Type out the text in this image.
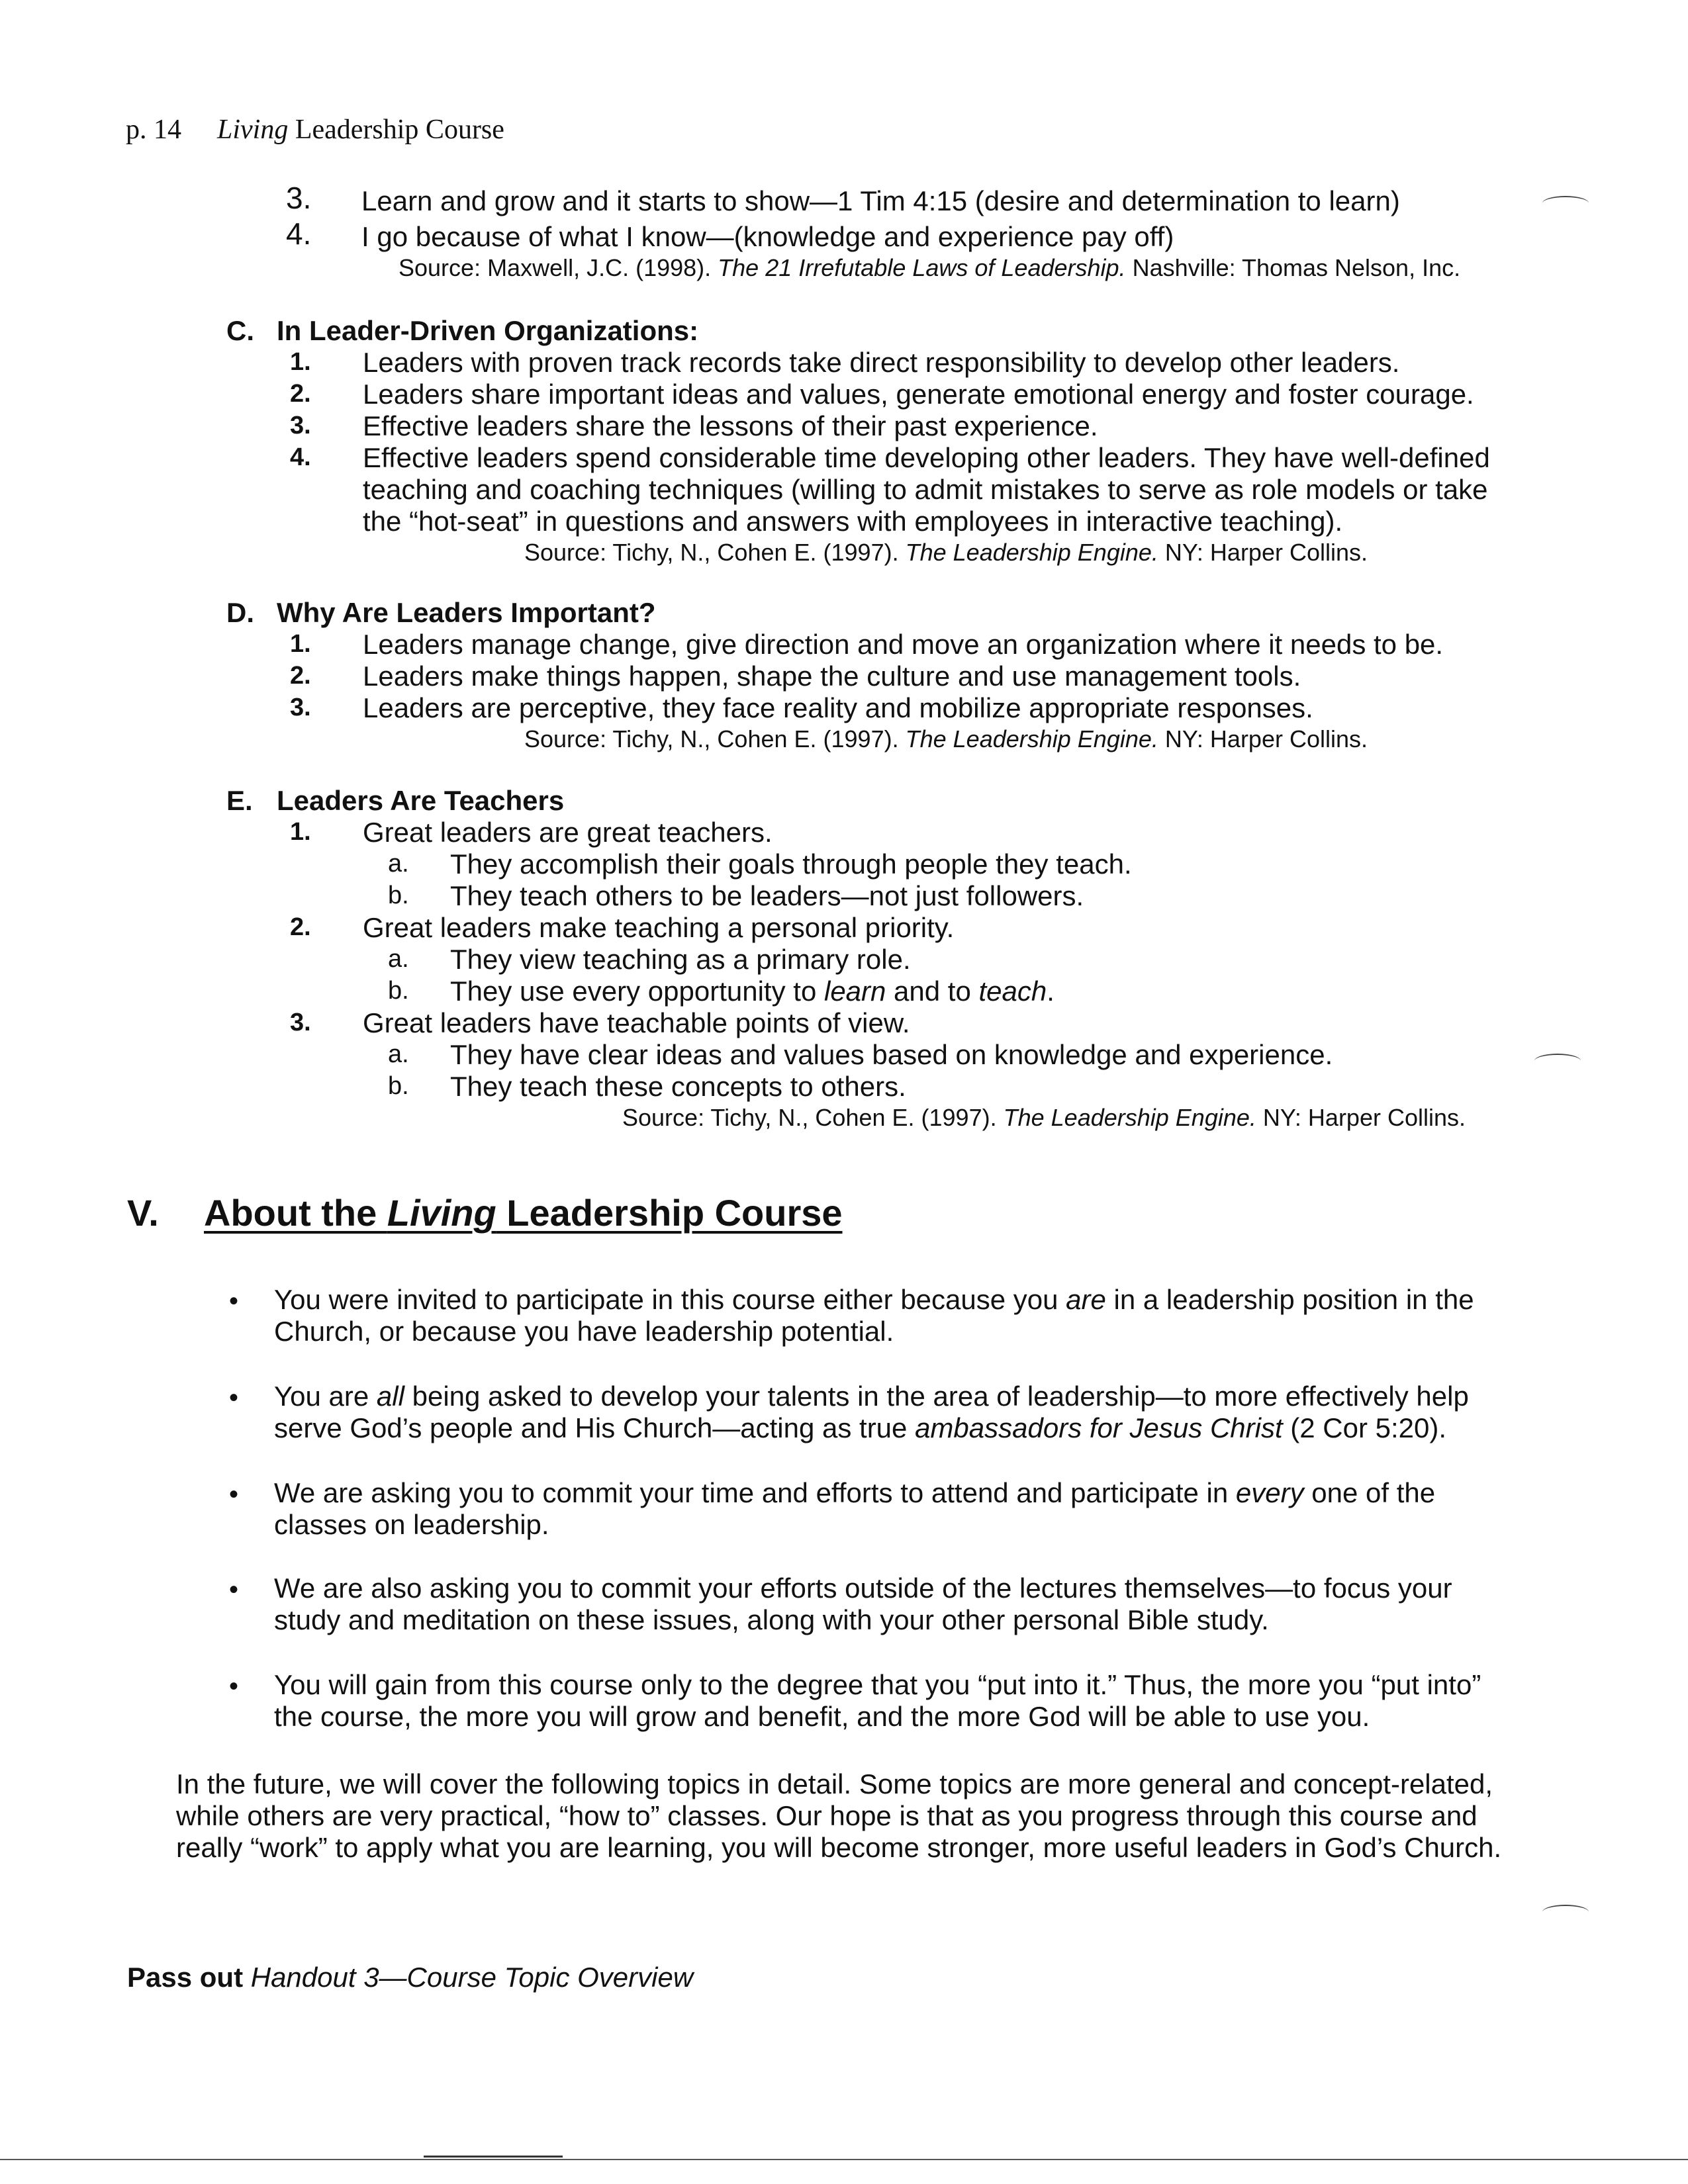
p. 14 Living Leadership Course
3. Learn and grow and it starts to show—1 Tim 4:15 (desire and determination to learn)
4. I go because of what I know—(knowledge and experience pay off)
Source: Maxwell, J.C. (1998). The 21 Irrefutable Laws of Leadership. Nashville: Thomas Nelson, Inc.
C. In Leader-Driven Organizations:
1. Leaders with proven track records take direct responsibility to develop other leaders.
2. Leaders share important ideas and values, generate emotional energy and foster courage.
3. Effective leaders share the lessons of their past experience.
4. Effective leaders spend considerable time developing other leaders. They have well-defined
teaching and coaching techniques (willing to admit mistakes to serve as role models or take
the “hot-seat” in questions and answers with employees in interactive teaching).
Source: Tichy, N., Cohen E. (1997). The Leadership Engine. NY: Harper Collins.
D. Why Are Leaders Important?
1. Leaders manage change, give direction and move an organization where it needs to be.
2. Leaders make things happen, shape the culture and use management tools.
3. Leaders are perceptive, they face reality and mobilize appropriate responses.
Source: Tichy, N., Cohen E. (1997). The Leadership Engine. NY: Harper Collins.
E. Leaders Are Teachers
1. Great leaders are great teachers.
a. They accomplish their goals through people they teach.
b. They teach others to be leaders—not just followers.
2. Great leaders make teaching a personal priority.
a. They view teaching as a primary role.
b. They use every opportunity to learn and to teach.
3. Great leaders have teachable points of view.
a. They have clear ideas and values based on knowledge and experience.
b. They teach these concepts to others.
Source: Tichy, N., Cohen E. (1997). The Leadership Engine. NY: Harper Collins.
V. About the Living Leadership Course
• You were invited to participate in this course either because you are in a leadership position in the
Church, or because you have leadership potential.
• You are all being asked to develop your talents in the area of leadership—to more effectively help
serve God’s people and His Church—acting as true ambassadors for Jesus Christ (2 Cor 5:20).
• We are asking you to commit your time and efforts to attend and participate in every one of the
classes on leadership.
• We are also asking you to commit your efforts outside of the lectures themselves—to focus your
study and meditation on these issues, along with your other personal Bible study.
• You will gain from this course only to the degree that you “put into it.” Thus, the more you “put into”
the course, the more you will grow and benefit, and the more God will be able to use you.
In the future, we will cover the following topics in detail. Some topics are more general and concept-related,
while others are very practical, “how to” classes. Our hope is that as you progress through this course and
really “work” to apply what you are learning, you will become stronger, more useful leaders in God’s Church.
Pass out Handout 3—Course Topic Overview
